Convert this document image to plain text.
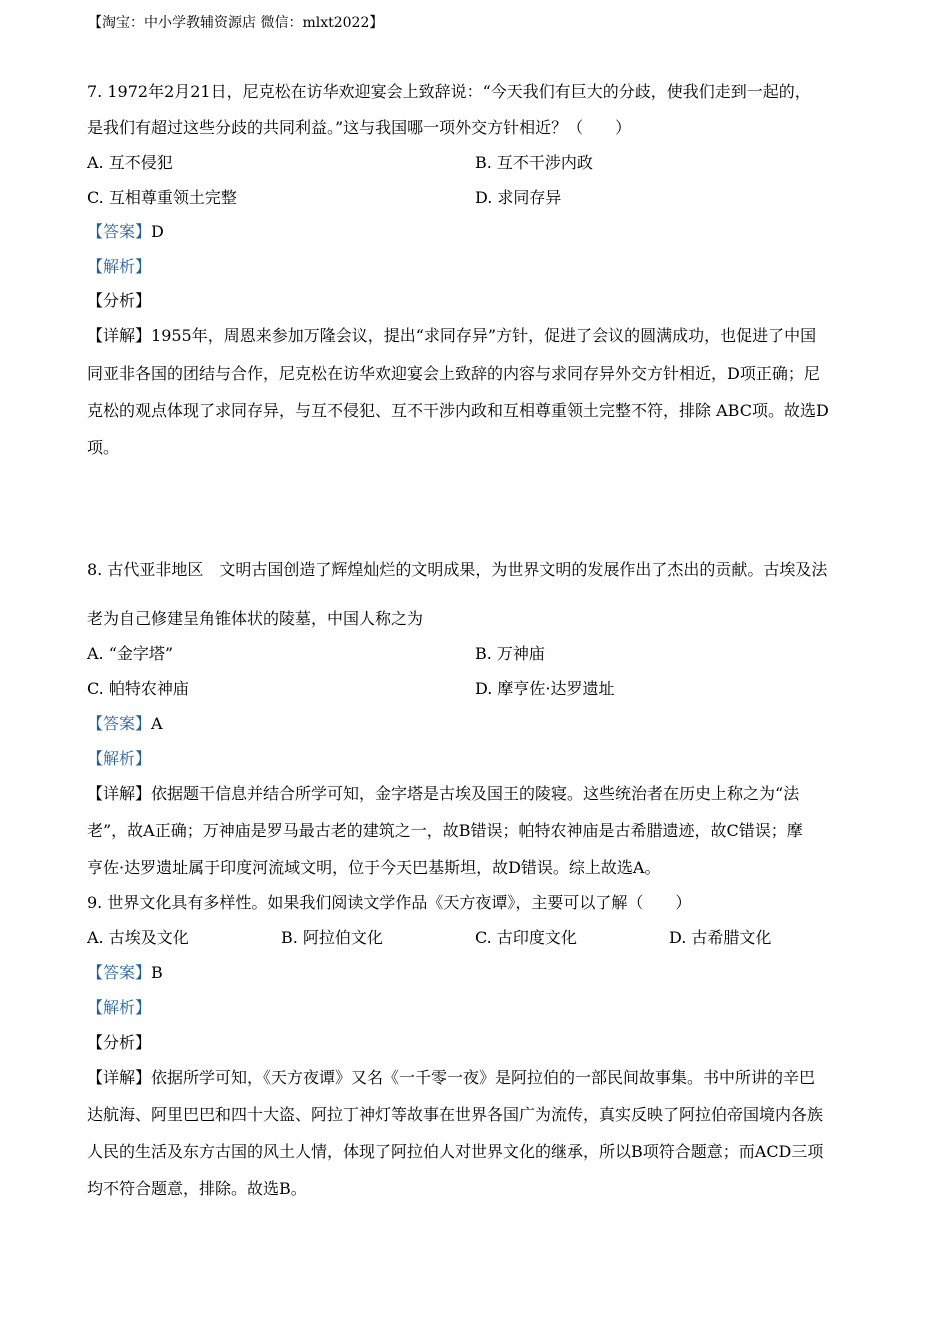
【淘宝：中小学教辅资源店 微信：mlxt2022】
7. 1972年2月21日，尼克松在访华欢迎宴会上致辞说：“今天我们有巨大的分歧，使我们走到一起的，
是我们有超过这些分歧的共同利益。”这与我国哪一项外交方针相近？（　　）
A. 互不侵犯	B. 互不干涉内政
C. 互相尊重领土完整	D. 求同存异
【答案】D
【解析】
【分析】
【详解】1955年，周恩来参加万隆会议，提出“求同存异”方针，促进了会议的圆满成功，也促进了中国
同亚非各国的团结与合作，尼克松在访华欢迎宴会上致辞的内容与求同存异外交方针相近，D项正确；尼
克松的观点体现了求同存异，与互不侵犯、互不干涉内政和互相尊重领土完整不符，排除 ABC项。故选D
项。
8. 古代亚非地区　文明古国创造了辉煌灿烂的文明成果，为世界文明的发展作出了杰出的贡献。古埃及法
老为自己修建呈角锥体状的陵墓，中国人称之为
A. “金字塔”	B. 万神庙
C. 帕特农神庙	D. 摩亨佐·达罗遗址
【答案】A
【解析】
【详解】依据题干信息并结合所学可知，金字塔是古埃及国王的陵寝。这些统治者在历史上称之为“法
老”，故A正确；万神庙是罗马最古老的建筑之一，故B错误；帕特农神庙是古希腊遗迹，故C错误；摩
亨佐·达罗遗址属于印度河流域文明，位于今天巴基斯坦，故D错误。综上故选A。
9. 世界文化具有多样性。如果我们阅读文学作品《天方夜谭》，主要可以了解（　　）
A. 古埃及文化	B. 阿拉伯文化	C. 古印度文化	D. 古希腊文化
【答案】B
【解析】
【分析】
【详解】依据所学可知，《天方夜谭》又名《一千零一夜》是阿拉伯的一部民间故事集。书中所讲的辛巴
达航海、阿里巴巴和四十大盗、阿拉丁神灯等故事在世界各国广为流传，真实反映了阿拉伯帝国境内各族
人民的生活及东方古国的风土人情，体现了阿拉伯人对世界文化的继承，所以B项符合题意；而ACD三项
均不符合题意，排除。故选B。
